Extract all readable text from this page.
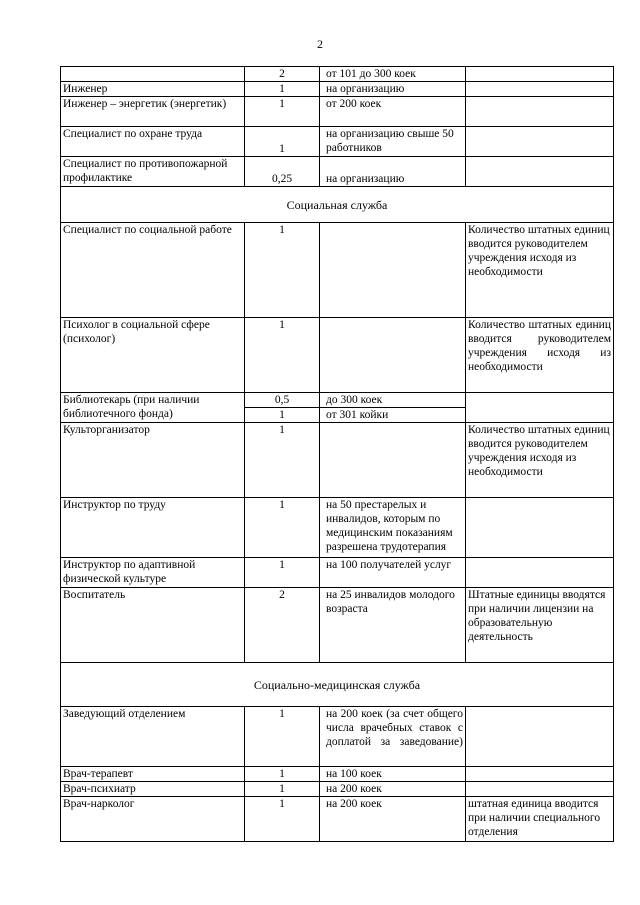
2
	2	от 101 до 300 коек	
Инженер	1	на организацию	
Инженер – энергетик (энергетик)	1	от 200 коек	
Специалист по охране труда	1	на организацию свыше 50 работников	
Специалист по противопожарной профилактике	0,25	на организацию	
Социальная служба			
Специалист по социальной работе	1		Количество штатных единиц вводится руководителем учреждения исходя из необходимости
Психолог в социальной сфере (психолог)	1		Количество штатных единиц вводится руководителем учреждения исходя из необходимости
Библиотекарь (при наличии библиотечного фонда)	0,5	до 300 коек	
	1	от 301 койки	
Культорганизатор	1		Количество штатных единиц вводится руководителем учреждения исходя из необходимости
Инструктор по труду	1	на 50 престарелых и инвалидов, которым по медицинским показаниям разрешена трудотерапия	
Инструктор по адаптивной физической культуре	1	на 100 получателей услуг	
Воспитатель	2	на 25 инвалидов молодого возраста	Штатные единицы вводятся при наличии лицензии на образовательную деятельность
Социально-медицинская служба			
Заведующий отделением	1	на 200 коек (за счет общего числа врачебных ставок с доплатой за заведование)	
Врач-терапевт	1	на 100 коек	
Врач-психиатр	1	на 200 коек	
Врач-нарколог	1	на 200 коек	штатная единица вводится при наличии специального отделения
